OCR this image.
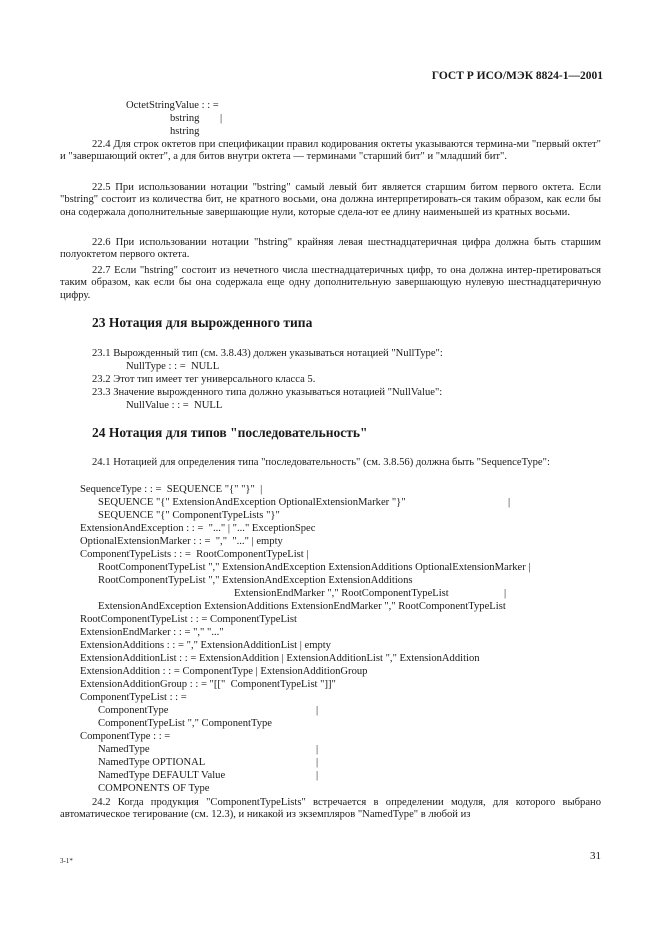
ГОСТ Р ИСО/МЭК 8824-1—2001
OctetStringValue : : =
bstring |
hstring
22.4 Для строк октетов при спецификации правил кодирования октеты указываются термина-ми "первый октет" и "завершающий октет", а для битов внутри октета — терминами "старший бит" и "младший бит".
22.5 При использовании нотации "bstring" самый левый бит является старшим битом первого октета. Если "bstring" состоит из количества бит, не кратного восьми, она должна интерпретировать-ся таким образом, как если бы она содержала дополнительные завершающие нули, которые сдела-ют ее длину наименьшей из кратных восьми.
22.6 При использовании нотации "hstring" крайняя левая шестнадцатеричная цифра должна быть старшим полуоктетом первого октета.
22.7 Если "hstring" состоит из нечетного числа шестнадцатеричных цифр, то она должна интер-претироваться таким образом, как если бы она содержала еще одну дополнительную завершающую нулевую шестнадцатеричную цифру.
23 Нотация для вырожденного типа
23.1 Вырожденный тип (см. 3.8.43) должен указываться нотацией "NullType":
NullType : : =  NULL
23.2 Этот тип имеет тег универсального класса 5.
23.3 Значение вырожденного типа должно указываться нотацией "NullValue":
NullValue : : =  NULL
24 Нотация для типов "последовательность"
24.1 Нотацией для определения типа "последовательность" (см. 3.8.56) должна быть "SequenceType":
SequenceType : : =  SEQUENCE "{" "}"  |
SEQUENCE "{" ExtensionAndException OptionalExtensionMarker "}"	|
SEQUENCE "{" ComponentTypeLists "}"
ExtensionAndException : : =  "..." | "..." ExceptionSpec
OptionalExtensionMarker : : =  ","  "..." | empty
ComponentTypeLists : : =  RootComponentTypeList |
RootComponentTypeList "," ExtensionAndException ExtensionAdditions OptionalExtensionMarker |
RootComponentTypeList "," ExtensionAndException ExtensionAdditions
ExtensionEndMarker "," RootComponentTypeList	|
ExtensionAndException ExtensionAdditions ExtensionEndMarker "," RootComponentTypeList
RootComponentTypeList : : = ComponentTypeList
ExtensionEndMarker : : = "," "..."
ExtensionAdditions : : = "," ExtensionAdditionList | empty
ExtensionAdditionList : : = ExtensionAddition | ExtensionAdditionList "," ExtensionAddition
ExtensionAddition : : = ComponentType | ExtensionAdditionGroup
ExtensionAdditionGroup : : = "[["  ComponentTypeList "]]"
ComponentTypeList : : =
ComponentType	|
ComponentTypeList "," ComponentType
ComponentType : : =
NamedType	|
NamedType OPTIONAL	|
NamedType DEFAULT Value	|
COMPONENTS OF Type
24.2 Когда продукция "ComponentTypeLists" встречается в определении модуля, для которого выбрано автоматическое тегирование (см. 12.3), и никакой из экземпляров "NamedType" в любой из
3-1*	31
